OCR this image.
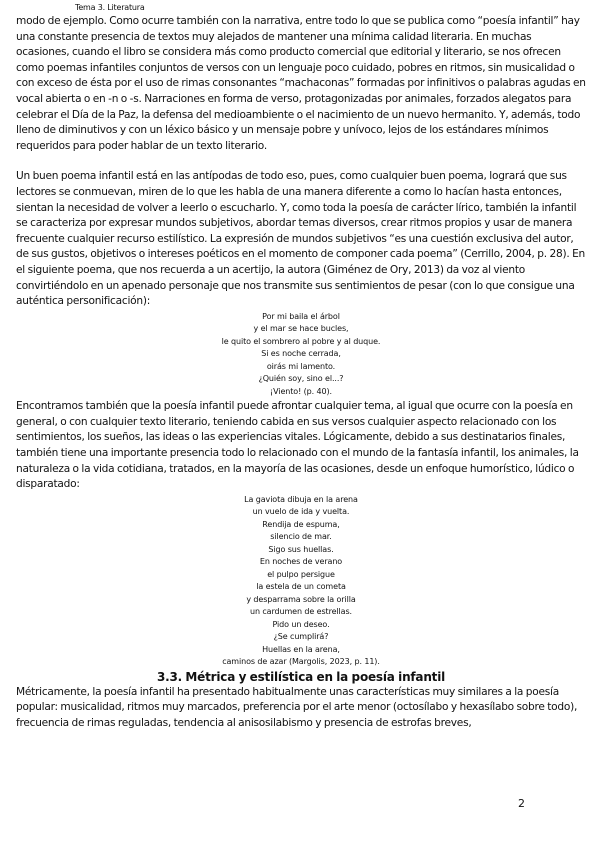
Tema 3. Literatura

modo de ejemplo. Como ocurre también con la narrativa, entre todo lo que se publica como “poesía infantil” hay una constante presencia de textos muy alejados de mantener una mínima calidad literaria. En muchas ocasiones, cuando el libro se considera más como producto comercial que editorial y literario, se nos ofrecen como poemas infantiles conjuntos de versos con un lenguaje poco cuidado, pobres en ritmos, sin musicalidad o con exceso de ésta por el uso de rimas consonantes “machaconas” formadas por infinitivos o palabras agudas en vocal abierta o en -n o -s. Narraciones en forma de verso, protagonizadas por animales, forzados alegatos para celebrar el Día de la Paz, la defensa del medioambiente o el nacimiento de un nuevo hermanito. Y, además, todo lleno de diminutivos y con un léxico básico y un mensaje pobre y unívoco, lejos de los estándares mínimos requeridos para poder hablar de un texto literario.

Un buen poema infantil está en las antípodas de todo eso, pues, como cualquier buen poema, logrará que sus lectores se conmuevan, miren de lo que les habla de una manera diferente a como lo hacían hasta entonces, sientan la necesidad de volver a leerlo o escucharlo. Y, como toda la poesía de carácter lírico, también la infantil se caracteriza por expresar mundos subjetivos, abordar temas diversos, crear ritmos propios y usar de manera frecuente cualquier recurso estilístico. La expresión de mundos subjetivos “es una cuestión exclusiva del autor, de sus gustos, objetivos o intereses poéticos en el momento de componer cada poema” (Cerrillo, 2004, p. 28). En el siguiente poema, que nos recuerda a un acertijo, la autora (Giménez de Ory, 2013) da voz al viento convirtiéndolo en un apenado personaje que nos transmite sus sentimientos de pesar (con lo que consigue una auténtica personificación):

Por mi baila el árbol
y el mar se hace bucles,
le quito el sombrero al pobre y al duque.
Si es noche cerrada,
oirás mi lamento.
¿Quién soy, sino el...?
¡Viento! (p. 40).

Encontramos también que la poesía infantil puede afrontar cualquier tema, al igual que ocurre con la poesía en general, o con cualquier texto literario, teniendo cabida en sus versos cualquier aspecto relacionado con los sentimientos, los sueños, las ideas o las experiencias vitales. Lógicamente, debido a sus destinatarios finales, también tiene una importante presencia todo lo relacionado con el mundo de la fantasía infantil, los animales, la naturaleza o la vida cotidiana, tratados, en la mayoría de las ocasiones, desde un enfoque humorístico, lúdico o disparatado:

La gaviota dibuja en la arena
un vuelo de ida y vuelta.
Rendija de espuma,
silencio de mar.
Sigo sus huellas.
En noches de verano
el pulpo persigue
la estela de un cometa
y desparrama sobre la orilla
un cardumen de estrellas.
Pido un deseo.
¿Se cumplirá?
Huellas en la arena,
caminos de azar (Margolis, 2023, p. 11).
3.3. Métrica y estilística en la poesía infantil

Métricamente, la poesía infantil ha presentado habitualmente unas características muy similares a la poesía popular: musicalidad, ritmos muy marcados, preferencia por el arte menor (octosílabo y hexasílabo sobre todo), frecuencia de rimas reguladas, tendencia al anisosilabismo y presencia de estrofas breves,

2
